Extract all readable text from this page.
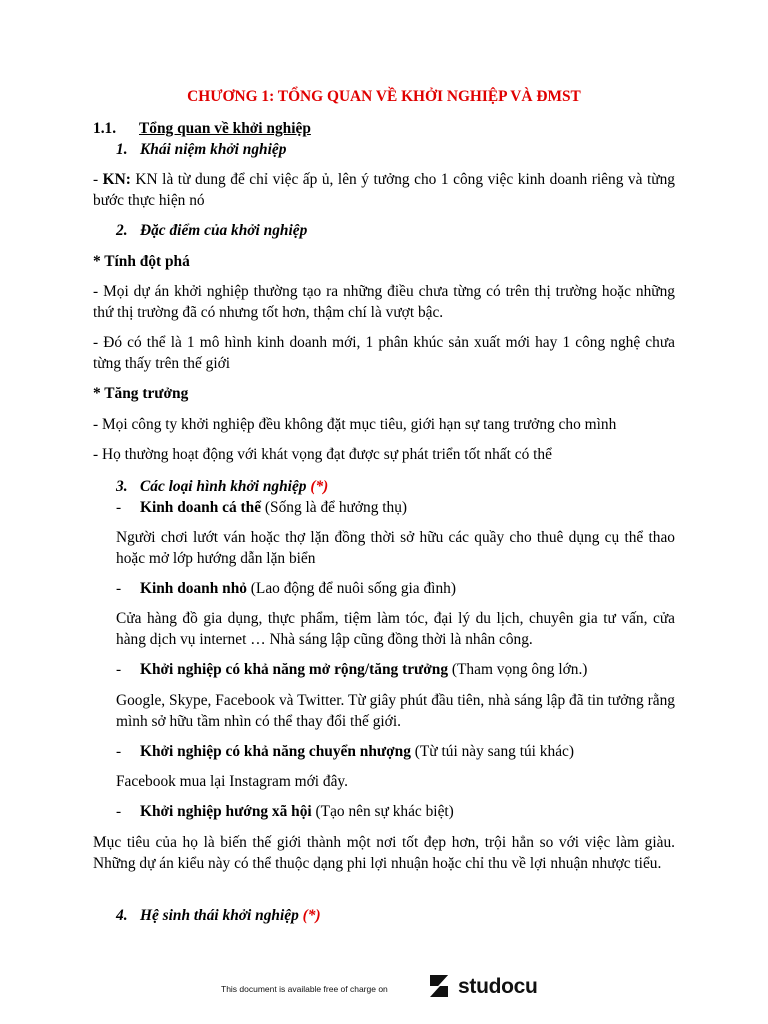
CHƯƠNG 1: TỔNG QUAN VỀ KHỞI NGHIỆP VÀ ĐMST
1.1. Tổng quan về khởi nghiệp
1. Khái niệm khởi nghiệp
- KN: KN là từ dung để chỉ việc ấp ủ, lên ý tưởng cho 1 công việc kinh doanh riêng và từng bước thực hiện nó
2. Đặc điểm của khởi nghiệp
* Tính đột phá
- Mọi dự án khởi nghiệp thường tạo ra những điều chưa từng có trên thị trường hoặc những thứ thị trường đã có nhưng tốt hơn, thậm chí là vượt bậc.
- Đó có thể là 1 mô hình kinh doanh mới, 1 phân khúc sản xuất mới hay 1 công nghệ chưa từng thấy trên thế giới
* Tăng trưởng
- Mọi công ty khởi nghiệp đều không đặt mục tiêu, giới hạn sự tang trưởng cho mình
- Họ thường hoạt động với khát vọng đạt được sự phát triển tốt nhất có thể
3. Các loại hình khởi nghiệp (*)
- Kinh doanh cá thể (Sống là để hưởng thụ)
Người chơi lướt ván hoặc thợ lặn đồng thời sở hữu các quầy cho thuê dụng cụ thể thao hoặc mở lớp hướng dẫn lặn biển
- Kinh doanh nhỏ (Lao động để nuôi sống gia đình)
Cửa hàng đồ gia dụng, thực phẩm, tiệm làm tóc, đại lý du lịch, chuyên gia tư vấn, cửa hàng dịch vụ internet … Nhà sáng lập cũng đồng thời là nhân công.
- Khởi nghiệp có khả năng mở rộng/tăng trưởng (Tham vọng ông lớn.)
Google, Skype, Facebook và Twitter. Từ giây phút đầu tiên, nhà sáng lập đã tin tưởng rằng mình sở hữu tầm nhìn có thể thay đổi thế giới.
- Khởi nghiệp có khả năng chuyển nhượng (Từ túi này sang túi khác)
Facebook mua lại Instagram mới đây.
- Khởi nghiệp hướng xã hội (Tạo nên sự khác biệt)
Mục tiêu của họ là biến thế giới thành một nơi tốt đẹp hơn, trội hẳn so với việc làm giàu. Những dự án kiểu này có thể thuộc dạng phi lợi nhuận hoặc chỉ thu về lợi nhuận nhược tiểu.
4. Hệ sinh thái khởi nghiệp (*)
This document is available free of charge on	studocu
